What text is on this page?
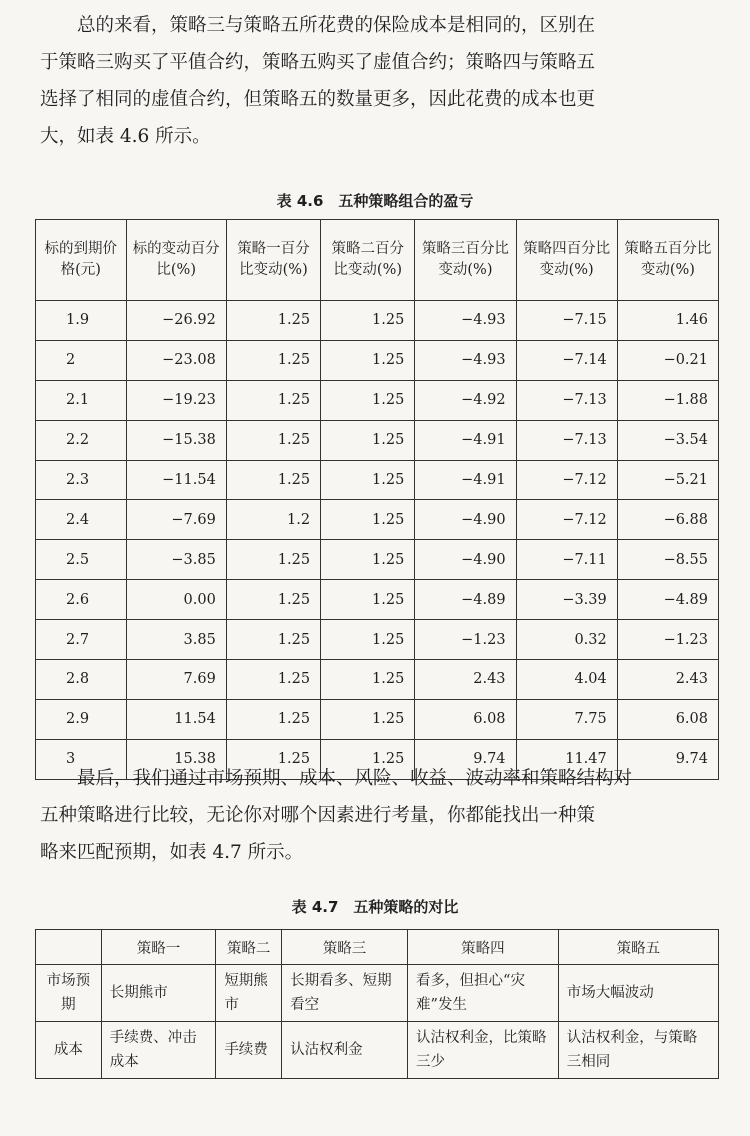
总的来看，策略三与策略五所花费的保险成本是相同的，区别在
于策略三购买了平值合约，策略五购买了虚值合约；策略四与策略五
选择了相同的虚值合约，但策略五的数量更多，因此花费的成本也更
大，如表 4.6 所示。
表 4.6　五种策略组合的盈亏
标的到期价格(元)	标的变动百分比(%)	策略一百分比变动(%)	策略二百分比变动(%)	策略三百分比变动(%)	策略四百分比变动(%)	策略五百分比变动(%)
1.9	−26.92	1.25	1.25	−4.93	−7.15	1.46
2	−23.08	1.25	1.25	−4.93	−7.14	−0.21
2.1	−19.23	1.25	1.25	−4.92	−7.13	−1.88
2.2	−15.38	1.25	1.25	−4.91	−7.13	−3.54
2.3	−11.54	1.25	1.25	−4.91	−7.12	−5.21
2.4	−7.69	1.2	1.25	−4.90	−7.12	−6.88
2.5	−3.85	1.25	1.25	−4.90	−7.11	−8.55
2.6	0.00	1.25	1.25	−4.89	−3.39	−4.89
2.7	3.85	1.25	1.25	−1.23	0.32	−1.23
2.8	7.69	1.25	1.25	2.43	4.04	2.43
2.9	11.54	1.25	1.25	6.08	7.75	6.08
3	15.38	1.25	1.25	9.74	11.47	9.74
最后，我们通过市场预期、成本、风险、收益、波动率和策略结构对
五种策略进行比较，无论你对哪个因素进行考量，你都能找出一种策
略来匹配预期，如表 4.7 所示。
表 4.7　五种策略的对比
	策略一	策略二	策略三	策略四	策略五
市场预期	长期熊市	短期熊市	长期看多、短期看空	看多，但担心“灾难”发生	市场大幅波动
成本	手续费、冲击成本	手续费	认沽权利金	认沽权利金，比策略三少	认沽权利金，与策略三相同
